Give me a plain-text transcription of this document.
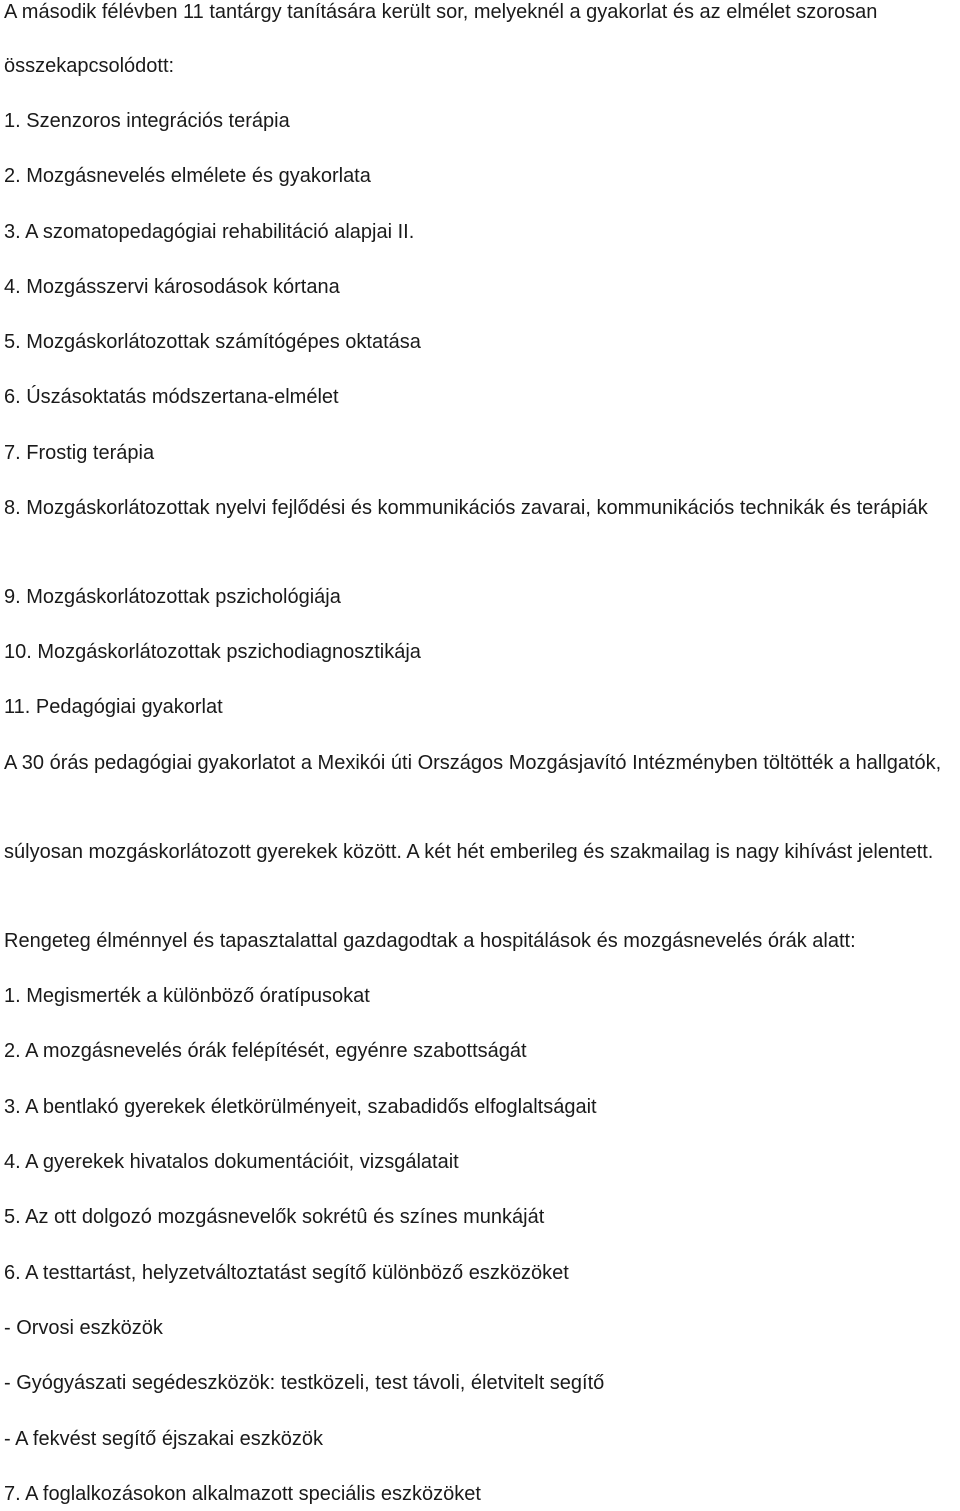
A második félévben 11 tantárgy tanítására került sor, melyeknél a gyakorlat és az elmélet szorosan

összekapcsolódott:

1. Szenzoros integrációs terápia

2. Mozgásnevelés elmélete és gyakorlata

3. A szomatopedagógiai rehabilitáció alapjai II.

4. Mozgásszervi károsodások kórtana

5. Mozgáskorlátozottak számítógépes oktatása

6. Úszásoktatás módszertana-elmélet

7. Frostig terápia

8. Mozgáskorlátozottak nyelvi fejlődési és kommunikációs zavarai, kommunikációs technikák és terápiák

9. Mozgáskorlátozottak pszichológiája

10. Mozgáskorlátozottak pszichodiagnosztikája

11. Pedagógiai gyakorlat

A 30 órás pedagógiai gyakorlatot a Mexikói úti Országos Mozgásjavító Intézményben töltötték a hallgatók,

súlyosan mozgáskorlátozott gyerekek között. A két hét emberileg és szakmailag is nagy kihívást jelentett.

Rengeteg élménnyel és tapasztalattal gazdagodtak a hospitálások és mozgásnevelés órák alatt:

1. Megismerték a különböző óratípusokat

2. A mozgásnevelés órák felépítését, egyénre szabottságát

3. A bentlakó gyerekek életkörülményeit, szabadidős elfoglaltságait

4. A gyerekek hivatalos dokumentációit, vizsgálatait

5. Az ott dolgozó mozgásnevelők sokrétû és színes munkáját

6. A testtartást, helyzetváltoztatást segítő különböző eszközöket

- Orvosi eszközök

- Gyógyászati segédeszközök: testközeli, test távoli, életvitelt segítő

- A fekvést segítő éjszakai eszközök

7. A foglalkozásokon alkalmazott speciális eszközöket
